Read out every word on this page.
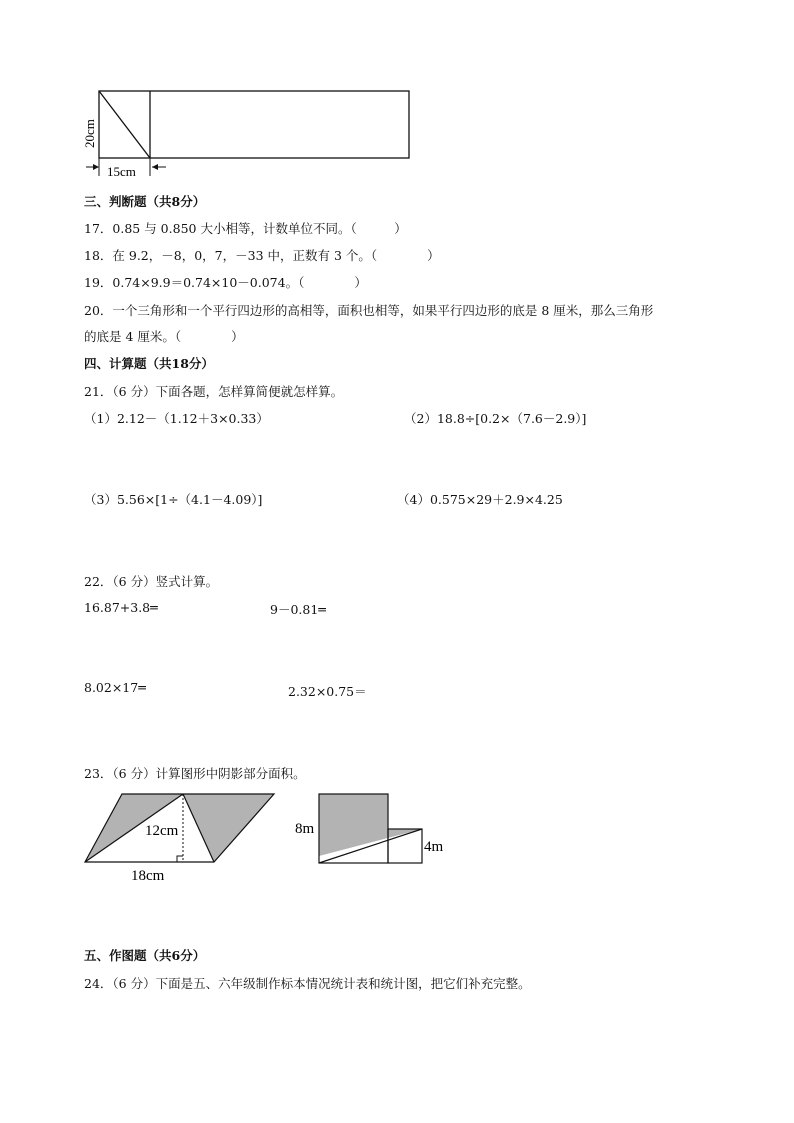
20cm
15cm
三、判断题（共8分）
17．0.85 与 0.850 大小相等，计数单位不同。（　　　）
18．在 9.2，－8，0，7，－33 中，正数有 3 个。（　　　　）
19．0.74×9.9＝0.74×10－0.074。（　　　　）
20．一个三角形和一个平行四边形的高相等，面积也相等，如果平行四边形的底是 8 厘米，那么三角形
的底是 4 厘米。（　　　　）
四、计算题（共18分）
21．（6 分）下面各题，怎样算简便就怎样算。
（1）2.12－（1.12＋3×0.33）	（2）18.8÷[0.2×（7.6－2.9）]
（3）5.56×[1÷（4.1－4.09）]	（4）0.575×29＋2.9×4.25
22．（6 分）竖式计算。
16.87+3.8═	9－0.81═
8.02×17═	2.32×0.75＝
23．（6 分）计算图形中阴影部分面积。
12cm
18cm
8m
4m
五、作图题（共6分）
24．（6 分）下面是五、六年级制作标本情况统计表和统计图，把它们补充完整。
